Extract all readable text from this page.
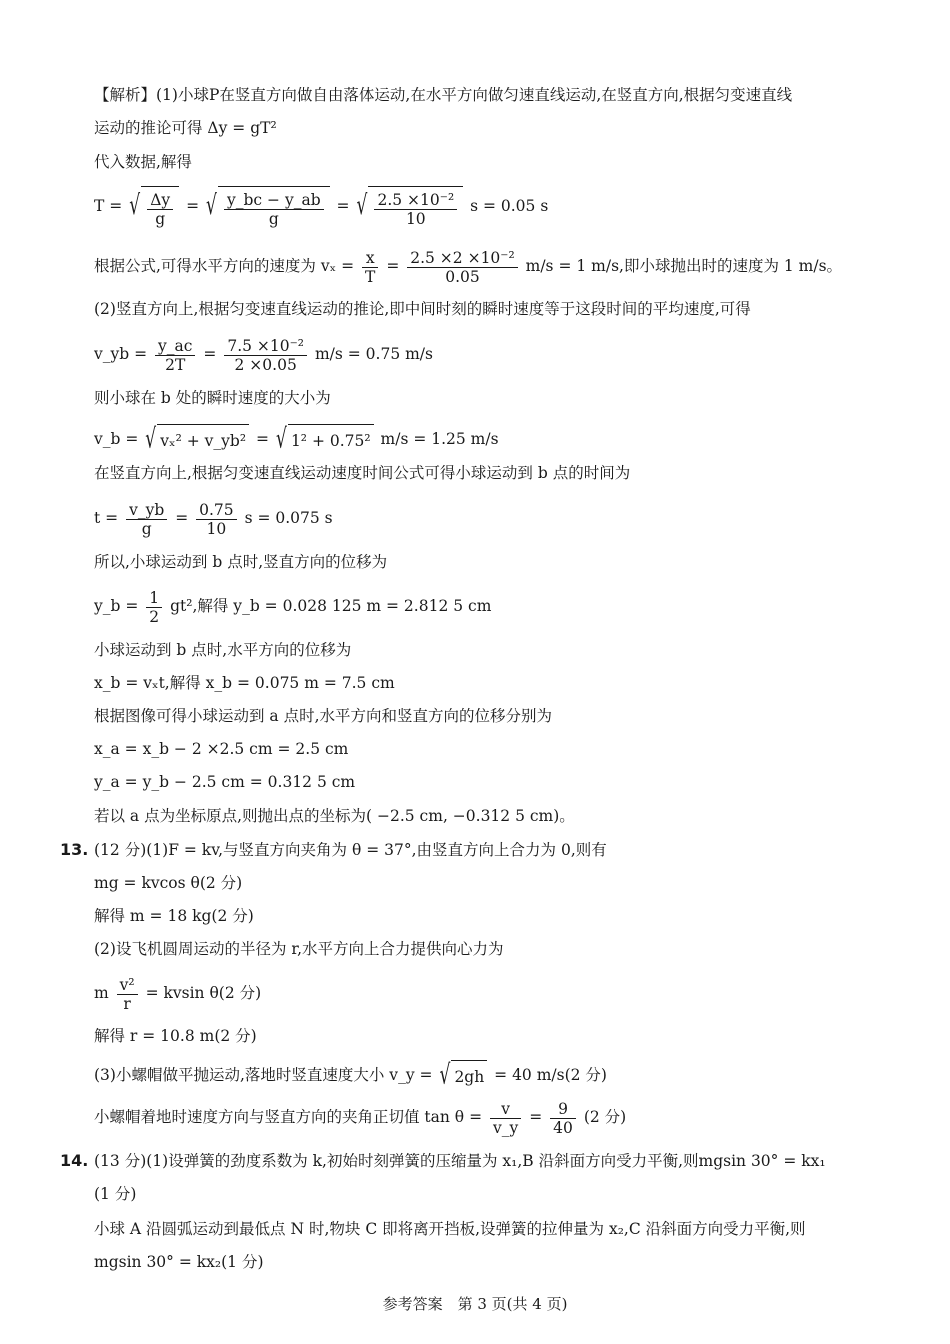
【解析】(1)小球P在竖直方向做自由落体运动,在水平方向做匀速直线运动,在竖直方向,根据匀变速直线
运动的推论可得 Δy = gT²
代入数据,解得
T = √ $\frac{\Delta y}{g}$ = √ $\frac{y\_bc - y\_ab}{g}$ = √ $\frac{\text{2.5 ×10⁻²}}{10}$ s = 0.05 s
根据公式,可得水平方向的速度为 $v_x = \frac{x}{T} = \frac{\text{2.5 ×2 ×10⁻²}}{0.05} m/s = 1$ m/s,即小球抛出时的速度为 1 m/s。
(2)竖直方向上,根据匀变速直线运动的推论,即中间时刻的瞬时速度等于这段时间的平均速度,可得
v_yb = $\frac{y\_ac}{2T} = \frac{\text{7.5 ×10⁻²}}{2 \times 0.05} m/s = 0.75$ m/s
则小球在 b 处的瞬时速度的大小为
v_b = √ vₓ² + v_yb² = √ 1² + 0.75² m/s = 1.25 m/s
在竖直方向上,根据匀变速直线运动速度时间公式可得小球运动到 b 点的时间为
$t = \frac{v\_yb}{g} = \frac{0.75}{10}$ s = 0.075 s
所以,小球运动到 b 点时,竖直方向的位移为
y_b = $\frac{1}{2} gt^2$,解得 y_b = 0.028 125 m = 2.812 5 cm
小球运动到 b 点时,水平方向的位移为
x_b = vₓt,解得 x_b = 0.075 m = 7.5 cm
根据图像可得小球运动到 a 点时,水平方向和竖直方向的位移分别为
x_a = x_b − 2 ×2.5 cm = 2.5 cm
y_a = y_b − 2.5 cm = 0.312 5 cm
若以 a 点为坐标原点,则抛出点的坐标为( −2.5 cm, −0.312 5 cm)。
13. (12 分)(1)F = kv,与竖直方向夹角为 θ = 37°,由竖直方向上合力为 0,则有
mg = kvcos θ(2 分)
解得 m = 18 kg(2 分)
(2)设飞机圆周运动的半径为 r,水平方向上合力提供向心力为
m $\frac{\text{v²}}{r} = kvsin$ θ(2 分)
解得 r = 10.8 m(2 分)
(3)小螺帽做平抛运动,落地时竖直速度大小 v_y = √ 2gh = 40 m/s(2 分)
小螺帽着地时速度方向与竖直方向的夹角正切值 $\tan \theta = \frac{v}{v\_y} = \frac{9}{40} (2$ 分)
14. (13 分)(1)设弹簧的劲度系数为 k,初始时刻弹簧的压缩量为 x₁,B 沿斜面方向受力平衡,则mgsin 30° = kx₁
(1 分)
小球 A 沿圆弧运动到最低点 N 时,物块 C 即将离开挡板,设弹簧的拉伸量为 x₂,C 沿斜面方向受力平衡,则
mgsin 30° = kx₂(1 分)
参考答案　第 3 页(共 4 页)
